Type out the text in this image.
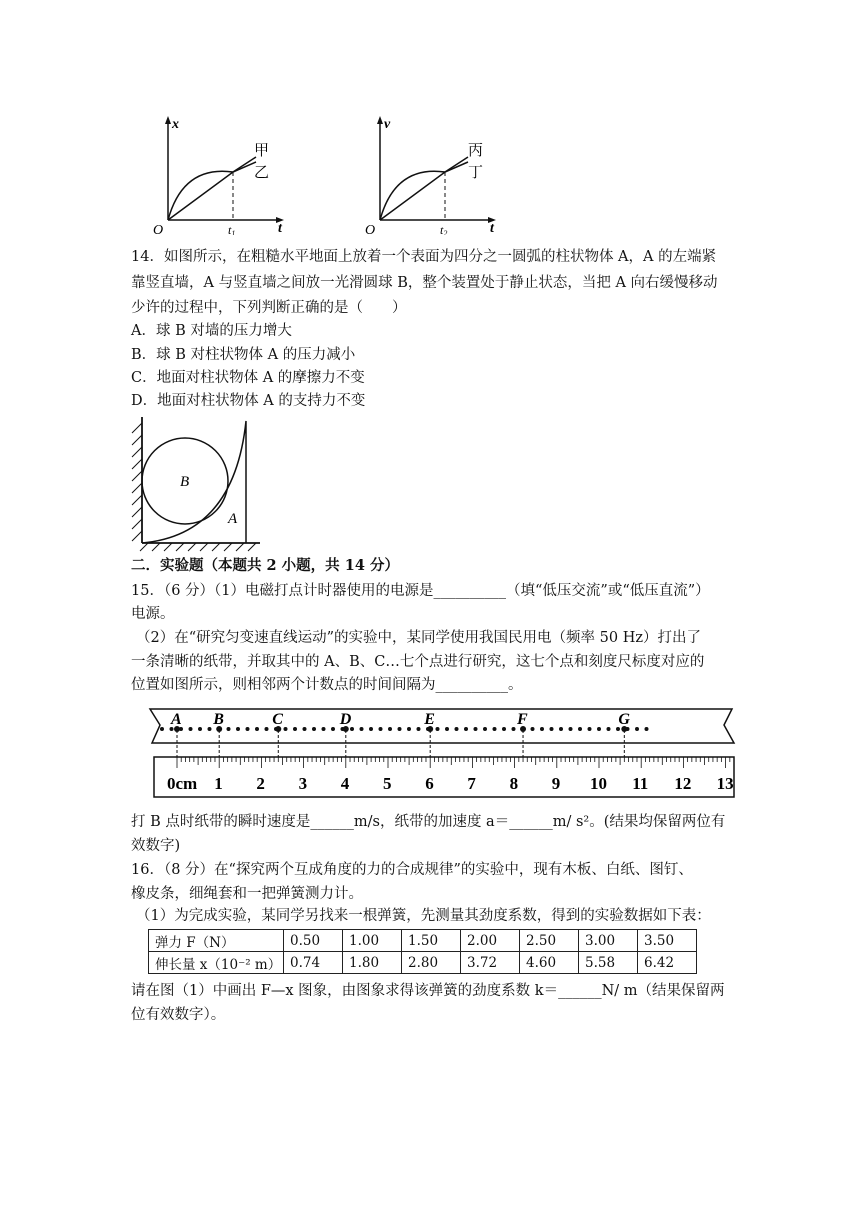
x
t
O	t1
甲
乙
v
t
O	t2
丙
丁
14．如图所示，在粗糙水平地面上放着一个表面为四分之一圆弧的柱状物体 A，A 的左端紧
靠竖直墙，A 与竖直墙之间放一光滑圆球 B，整个装置处于静止状态，当把 A 向右缓慢移动
少许的过程中，下列判断正确的是（　　）
A．球 B 对墙的压力增大
B．球 B 对柱状物体 A 的压力减小
C．地面对柱状物体 A 的摩擦力不变
D．地面对柱状物体 A 的支持力不变
B
A
二．实验题（本题共 2 小题，共 14 分）
15．（6 分）（1）电磁打点计时器使用的电源是__________（填“低压交流”或“低压直流”）
电源。
（2）在“研究匀变速直线运动”的实验中，某同学使用我国民用电（频率 50 Hz）打出了
一条清晰的纸带，并取其中的 A、B、C…七个点进行研究，这七个点和刻度尺标度对应的
位置如图所示，则相邻两个计数点的时间间隔为__________。
0cm 1 2 3 4 5 6 7 8 9 10 11 12 13
A B	C	D	E	F	G
打 B 点时纸带的瞬时速度是______m/s，纸带的加速度 a＝______m/ s²。(结果均保留两位有
效数字)
16．（8 分）在“探究两个互成角度的力的合成规律”的实验中，现有木板、白纸、图钉、
橡皮条，细绳套和一把弹簧测力计。
（1）为完成实验，某同学另找来一根弹簧，先测量其劲度系数，得到的实验数据如下表：
弹力 F（N）	0.50	1.00	1.50	2.00	2.50	3.00	3.50
伸长量 x（10⁻² m）	0.74	1.80	2.80	3.72	4.60	5.58	6.42
请在图（1）中画出 F—x 图象，由图象求得该弹簧的劲度系数 k＝______N/ m（结果保留两
位有效数字）。
